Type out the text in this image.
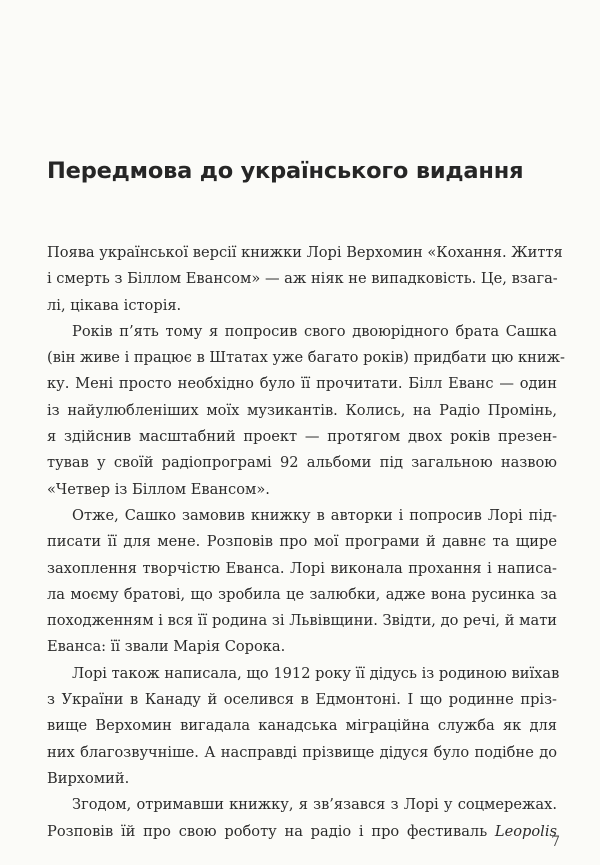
Передмова до українського видання
Поява української версії книжки Лорі Верхомин «Кохання. Життя
і смерть з Біллом Евансом» — аж ніяк не випадковість. Це, взага-
лі, цікава історія.
Років п’ять тому я попросив свого двоюрідного брата Сашка
(він живе і працює в Штатах уже багато років) придбати цю книж-
ку. Мені просто необхідно було її прочитати. Білл Еванс — один
із найулюбленіших моїх музикантів. Колись, на Радіо Промінь,
я здійснив масштабний проект — протягом двох років презен-
тував у своїй радіопрограмі 92 альбоми під загальною назвою
«Четвер із Біллом Евансом».
Отже, Сашко замовив книжку в авторки і попросив Лорі під-
писати її для мене. Розповів про мої програми й давнє та щире
захоплення творчістю Еванса. Лорі виконала прохання і написа-
ла моєму братові, що зробила це залюбки, адже вона русинка за
походженням і вся її родина зі Львівщини. Звідти, до речі, й мати
Еванса: її звали Марія Сорока.
Лорі також написала, що 1912 року її дідусь із родиною виїхав
з України в Канаду й оселився в Едмонтоні. І що родинне пріз-
вище Верхомин вигадала канадська міграційна служба як для
них благозвучніше. А насправді прізвище дідуся було подібне до
Вирхомий.
Згодом, отримавши книжку, я зв’язався з Лорі у соцмережах.
Розповів їй про свою роботу на радіо і про фестиваль Leopolis
7
